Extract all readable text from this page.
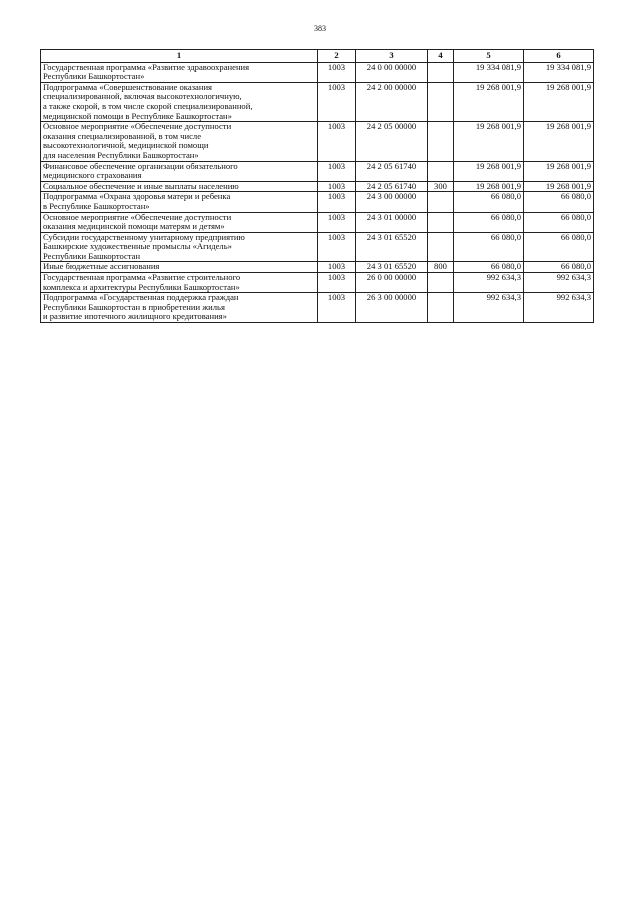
383
1	2	3	4	5	6
Государственная программа «Развитие здравоохранения
Республики Башкортостан»	1003	24 0 00 00000		19 334 081,9	19 334 081,9
Подпрограмма «Совершенствование оказания
специализированной, включая высокотехнологичную,
а также скорой, в том числе скорой специализированной,
медицинской помощи в Республике Башкортостан»	1003	24 2 00 00000		19 268 001,9	19 268 001,9
Основное мероприятие «Обеспечение доступности
оказания специализированной, в том числе
высокотехнологичной, медицинской помощи
для населения Республики Башкортостан»	1003	24 2 05 00000		19 268 001,9	19 268 001,9
Финансовое обеспечение организации обязательного
медицинского страхования	1003	24 2 05 61740		19 268 001,9	19 268 001,9
Социальное обеспечение и иные выплаты населению	1003	24 2 05 61740	300	19 268 001,9	19 268 001,9
Подпрограмма «Охрана здоровья матери и ребенка
в Республике Башкортостан»	1003	24 3 00 00000		66 080,0	66 080,0
Основное мероприятие «Обеспечение доступности
оказания медицинской помощи матерям и детям»	1003	24 3 01 00000		66 080,0	66 080,0
Субсидии государственному унитарному предприятию
Башкирские художественные промыслы «Агидель»
Республики Башкортостан	1003	24 3 01 65520		66 080,0	66 080,0
Иные бюджетные ассигнования	1003	24 3 01 65520	800	66 080,0	66 080,0
Государственная программа «Развитие строительного
комплекса и архитектуры Республики Башкортостан»	1003	26 0 00 00000		992 634,3	992 634,3
Подпрограмма «Государственная поддержка граждан
Республики Башкортостан в приобретении жилья
и развитие ипотечного жилищного кредитования»	1003	26 3 00 00000		992 634,3	992 634,3
